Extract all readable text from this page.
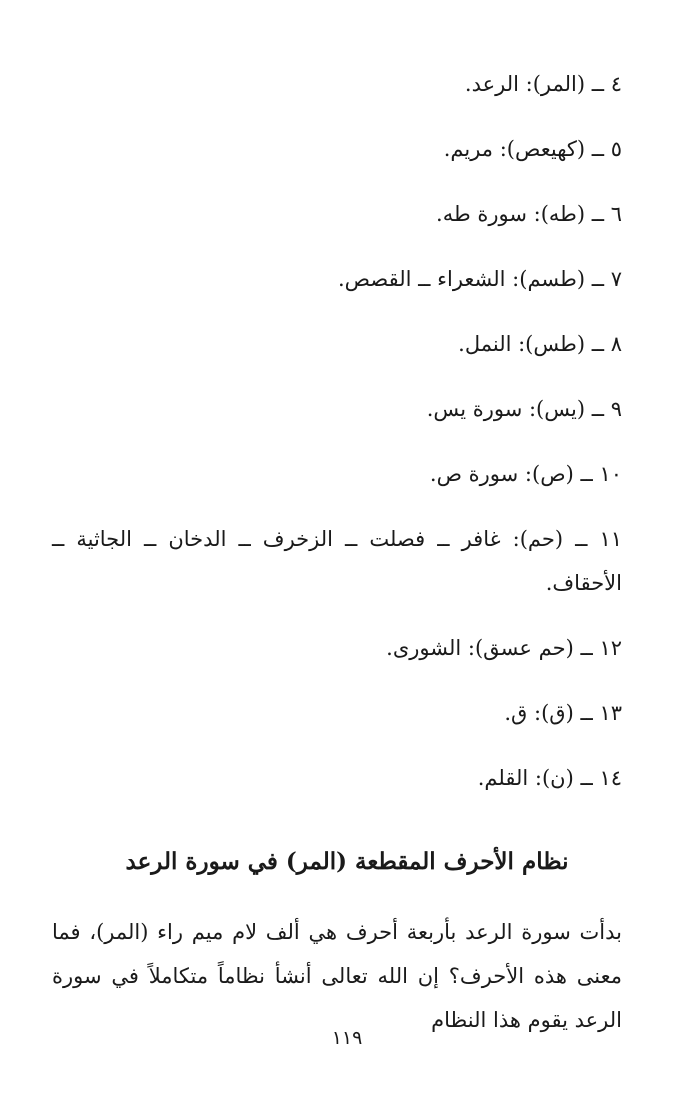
٤ ــ (المر): الرعد.
٥ ــ (كهيعص): مريم.
٦ ــ (طه): سورة طه.
٧ ــ (طسم): الشعراء ــ القصص.
٨ ــ (طس): النمل.
٩ ــ (يس): سورة يس.
١٠ ــ (ص): سورة ص.
١١ ــ (حم): غافر ــ فصلت ــ الزخرف ــ الدخان ــ الجاثية ــ الأحقاف.
١٢ ــ (حم عسق): الشورى.
١٣ ــ (ق): ق.
١٤ ــ (ن): القلم.
نظام الأحرف المقطعة (المر) في سورة الرعد

بدأت سورة الرعد بأربعة أحرف هي ألف لام ميم راء (المر)، فما معنى هذه الأحرف؟ إن الله تعالى أنشأ نظاماً متكاملاً في سورة الرعد يقوم هذا النظام

١١٩
